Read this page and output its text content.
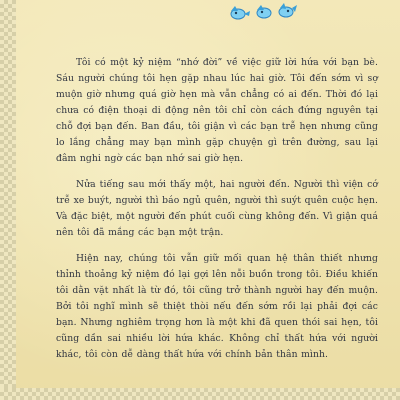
Tôi có một kỷ niệm “nhớ đời” về việc giữ lời hứa với bạn bè. Sáu người chúng tôi hẹn gặp nhau lúc hai giờ. Tôi đến sớm vì sợ muộn giờ nhưng quá giờ hẹn mà vẫn chẳng có ai đến. Thời đó lại chưa có điện thoại di động nên tôi chỉ còn cách đứng nguyên tại chỗ đợi bạn đến. Ban đầu, tôi giận vì các bạn trễ hẹn nhưng cũng lo lắng chẳng may bạn mình gặp chuyện gì trên đường, sau lại đâm nghi ngờ các bạn nhớ sai giờ hẹn.

Nửa tiếng sau mới thấy một, hai người đến. Người thì viện cớ trễ xe buýt, người thì báo ngủ quên, người thì suýt quên cuộc hẹn. Và đặc biệt, một người đến phút cuối cùng không đến. Vì giận quá nên tôi đã mắng các bạn một trận.

Hiện nay, chúng tôi vẫn giữ mối quan hệ thân thiết nhưng thỉnh thoảng kỷ niệm đó lại gợi lên nỗi buồn trong tôi. Điều khiến tôi dằn vặt nhất là từ đó, tôi cũng trở thành người hay đến muộn. Bởi tôi nghĩ mình sẽ thiệt thòi nếu đến sớm rồi lại phải đợi các bạn. Nhưng nghiêm trọng hơn là một khi đã quen thói sai hẹn, tôi cũng dần sai nhiều lời hứa khác. Không chỉ thất hứa với người khác, tôi còn dễ dàng thất hứa với chính bản thân mình.
